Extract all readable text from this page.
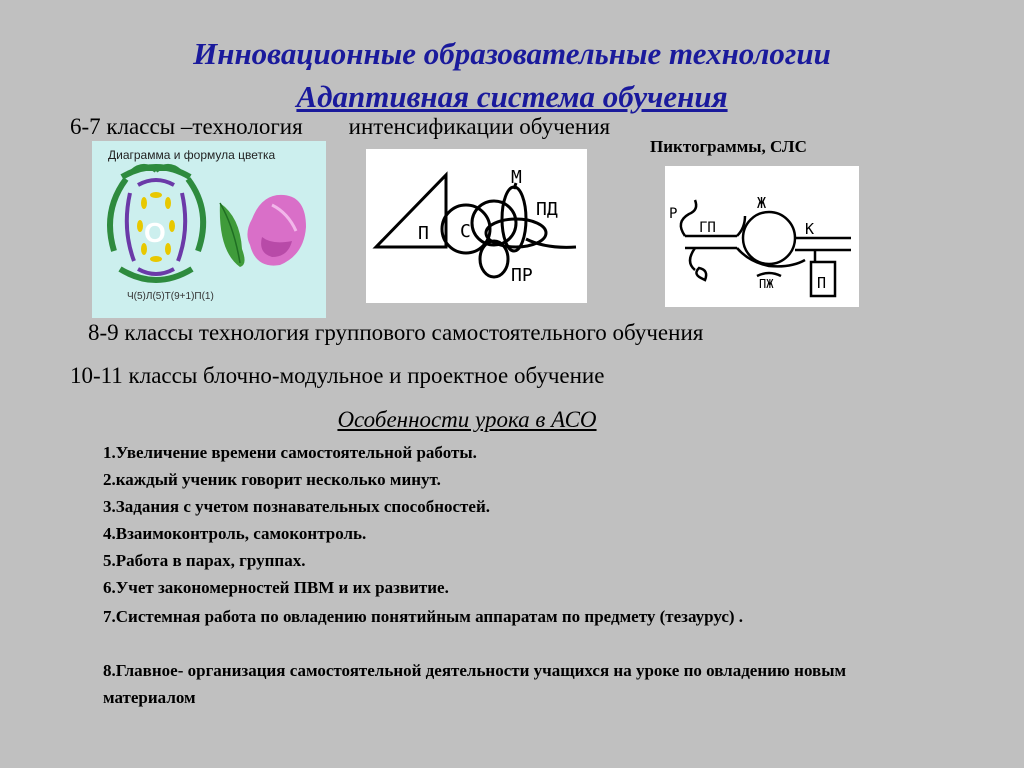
Инновационные образовательные технологии
Адаптивная система обучения
6-7 классы –технология интенсификации обучения
Пиктограммы, СЛС
Диаграмма и формула цветка
О
Ч(5)Л(5)Т(9+1)П(1)
П С
М
ПД
ПР
Р
ГП
Ж
К
П
ПЖ
8-9 классы технология группового самостоятельного обучения
10-11 классы блочно-модульное и проектное обучение
Особенности урока в АСО
1.Увеличение времени самостоятельной работы.
2.каждый ученик говорит несколько минут.
3.Задания с учетом познавательных способностей.
4.Взаимоконтроль, самоконтроль.
5.Работа в парах, группах.
6.Учет закономерностей ПВМ и их развитие.
7.Системная работа по овладению понятийным аппаратам по предмету (тезаурус) .
8.Главное- организация самостоятельной деятельности учащихся на уроке по овладению новым материалом
